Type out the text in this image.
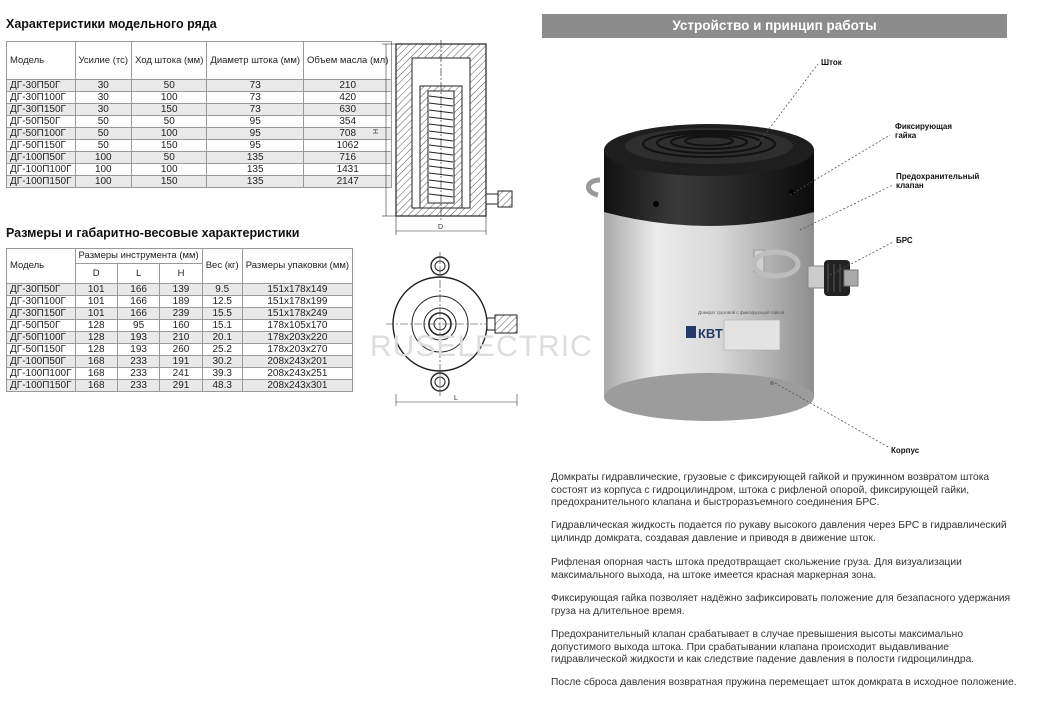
Характеристики модельного ряда
Модель	Усилие (тс)	Ход штока (мм)	Диаметр штока (мм)	Объем масла (мл)
ДГ-30П50Г	30	50	73	210
ДГ-30П100Г	30	100	73	420
ДГ-30П150Г	30	150	73	630
ДГ-50П50Г	50	50	95	354
ДГ-50П100Г	50	100	95	708
ДГ-50П150Г	50	150	95	1062
ДГ-100П50Г	100	50	135	716
ДГ-100П100Г	100	100	135	1431
ДГ-100П150Г	100	150	135	2147
Размеры и габаритно-весовые характеристики
Модель	Размеры инструмента (мм)			Вес (кг)	Размеры упаковки (мм)
	D	L	H		
ДГ-30П50Г	101	166	139	9.5	151x178x149
ДГ-30П100Г	101	166	189	12.5	151x178x199
ДГ-30П150Г	101	166	239	15.5	151x178x249
ДГ-50П50Г	128	95	160	15.1	178x105x170
ДГ-50П100Г	128	193	210	20.1	178x203x220
ДГ-50П150Г	128	193	260	25.2	178x203x270
ДГ-100П50Г	168	233	191	30.2	208x243x201
ДГ-100П100Г	168	233	241	39.3	208x243x251
ДГ-100П150Г	168	233	291	48.3	208x243x301
H
D
L
RUSELECTRIC
Устройство и принцип работы
Домкрат грузовой с фиксирующей гайкой
КВТ
Шток
Фиксирующая
гайка
Предохранительный
клапан
БРС
Корпус

Домкраты гидравлические, грузовые с фиксирующей гайкой и пружинном возвратом штока состоят из корпуса с гидроцилиндром, штока с рифленой опорой, фиксирующей гайки, предохранительного клапана и быстроразъемного соединения БРС.

Гидравлическая жидкость подается по рукаву высокого давления через БРС в гидравлический цилиндр домкрата, создавая давление и приводя в движение шток.

Рифленая опорная часть штока предотвращает скольжение груза. Для визуализации максимального выхода, на штоке имеется красная маркерная зона.

Фиксирующая гайка позволяет надёжно зафиксировать положение для безапасного удержания груза на длительное время.

Предохранительный клапан срабатывает в случае превышения высоты максимально допустимого выхода штока. При срабатывании клапана происходит выдавливание гидравлической жидкости и как следствие падение давления в полости гидроцилиндра.

После сброса давления возвратная пружина перемещает шток домкрата в исходное положение.
